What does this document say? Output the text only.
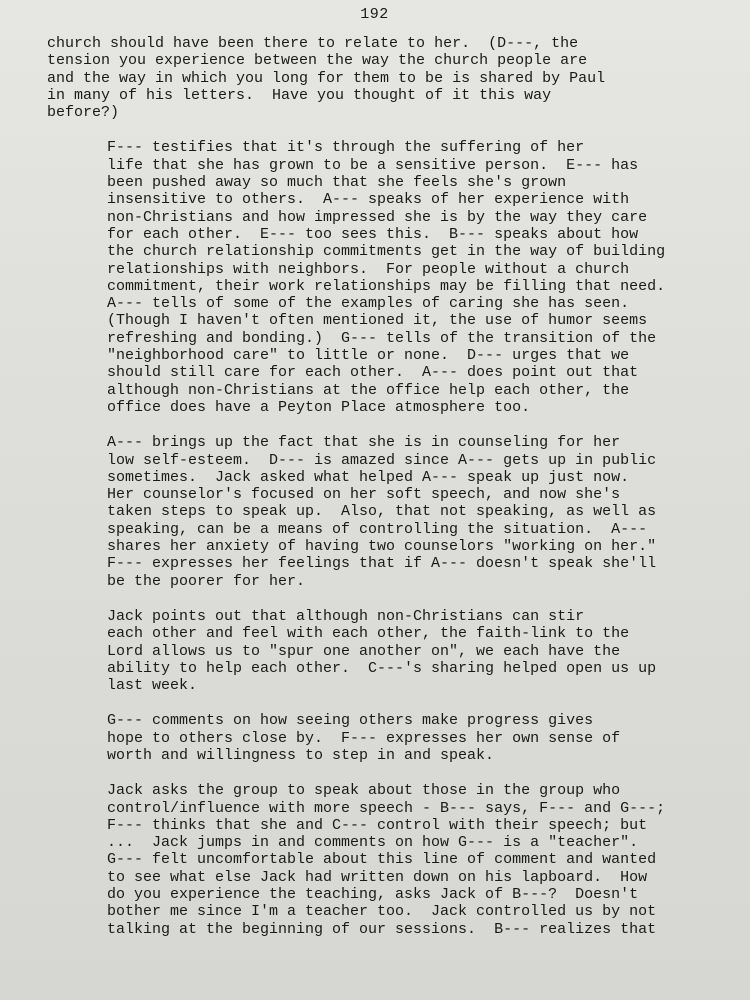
192
church should have been there to relate to her.  (D---, the
tension you experience between the way the church people are
and the way in which you long for them to be is shared by Paul
in many of his letters.  Have you thought of it this way
before?)
F--- testifies that it's through the suffering of her
life that she has grown to be a sensitive person.  E--- has
been pushed away so much that she feels she's grown
insensitive to others.  A--- speaks of her experience with
non-Christians and how impressed she is by the way they care
for each other.  E--- too sees this.  B--- speaks about how
the church relationship commitments get in the way of building
relationships with neighbors.  For people without a church
commitment, their work relationships may be filling that need.
A--- tells of some of the examples of caring she has seen.
(Though I haven't often mentioned it, the use of humor seems
refreshing and bonding.)  G--- tells of the transition of the
"neighborhood care" to little or none.  D--- urges that we
should still care for each other.  A--- does point out that
although non-Christians at the office help each other, the
office does have a Peyton Place atmosphere too.
A--- brings up the fact that she is in counseling for her
low self-esteem.  D--- is amazed since A--- gets up in public
sometimes.  Jack asked what helped A--- speak up just now.
Her counselor's focused on her soft speech, and now she's
taken steps to speak up.  Also, that not speaking, as well as
speaking, can be a means of controlling the situation.  A---
shares her anxiety of having two counselors "working on her."
F--- expresses her feelings that if A--- doesn't speak she'll
be the poorer for her.
Jack points out that although non-Christians can stir
each other and feel with each other, the faith-link to the
Lord allows us to "spur one another on", we each have the
ability to help each other.  C---'s sharing helped open us up
last week.
G--- comments on how seeing others make progress gives
hope to others close by.  F--- expresses her own sense of
worth and willingness to step in and speak.
Jack asks the group to speak about those in the group who
control/influence with more speech - B--- says, F--- and G---;
F--- thinks that she and C--- control with their speech; but
...  Jack jumps in and comments on how G--- is a "teacher".
G--- felt uncomfortable about this line of comment and wanted
to see what else Jack had written down on his lapboard.  How
do you experience the teaching, asks Jack of B---?  Doesn't
bother me since I'm a teacher too.  Jack controlled us by not
talking at the beginning of our sessions.  B--- realizes that
